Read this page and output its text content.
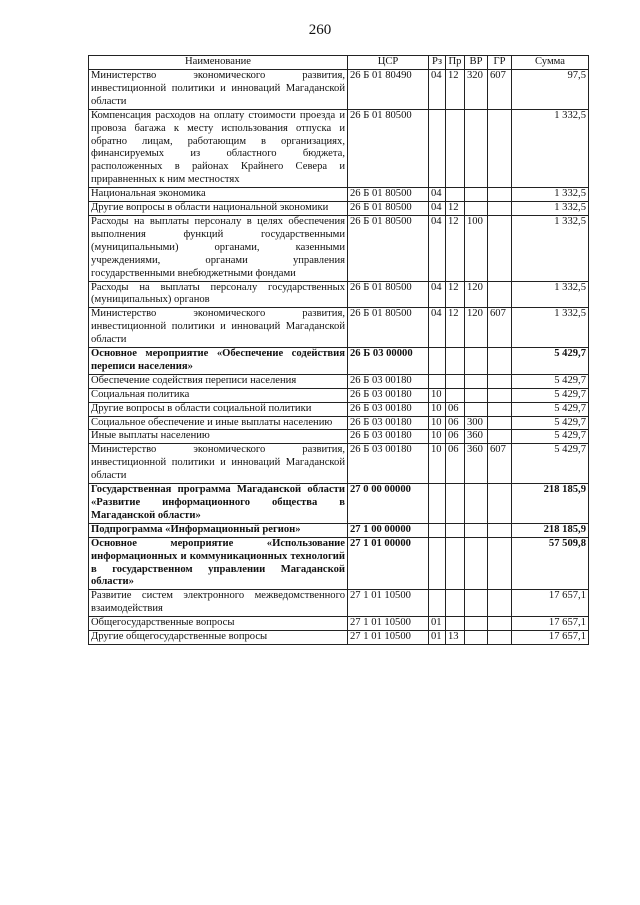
260
Наименование	ЦСР	Рз	Пр	ВР	ГР	Сумма
Министерство экономического развития, инвестиционной политики и инноваций Магаданской области	26 Б 01 80490	04	12	320	607	97,5
Компенсация расходов на оплату стоимости проезда и провоза багажа к месту использования отпуска и обратно лицам, работающим в организациях, финансируемых из областного бюджета, расположенных в районах Крайнего Севера и приравненных к ним местностях	26 Б 01 80500					1 332,5
Национальная экономика	26 Б 01 80500	04				1 332,5
Другие вопросы в области национальной экономики	26 Б 01 80500	04	12			1 332,5
Расходы на выплаты персоналу в целях обеспечения выполнения функций государственными (муниципальными) органами, казенными учреждениями, органами управления государственными внебюджетными фондами	26 Б 01 80500	04	12	100		1 332,5
Расходы на выплаты персоналу государственных (муниципальных) органов	26 Б 01 80500	04	12	120		1 332,5
Министерство экономического развития, инвестиционной политики и инноваций Магаданской области	26 Б 01 80500	04	12	120	607	1 332,5
Основное мероприятие «Обеспечение содействия переписи населения»	26 Б 03 00000					5 429,7
Обеспечение содействия переписи населения	26 Б 03 00180					5 429,7
Социальная политика	26 Б 03 00180	10				5 429,7
Другие вопросы в области социальной политики	26 Б 03 00180	10	06			5 429,7
Социальное обеспечение и иные выплаты населению	26 Б 03 00180	10	06	300		5 429,7
Иные выплаты населению	26 Б 03 00180	10	06	360		5 429,7
Министерство экономического развития, инвестиционной политики и инноваций Магаданской области	26 Б 03 00180	10	06	360	607	5 429,7
Государственная программа Магаданской области «Развитие информационного общества в Магаданской области»	27 0 00 00000					218 185,9
Подпрограмма «Информационный регион»	27 1 00 00000					218 185,9
Основное мероприятие «Использование информационных и коммуникационных технологий в государственном управлении Магаданской области»	27 1 01 00000					57 509,8
Развитие систем электронного межведомственного взаимодействия	27 1 01 10500					17 657,1
Общегосударственные вопросы	27 1 01 10500	01				17 657,1
Другие общегосударственные вопросы	27 1 01 10500	01	13			17 657,1
